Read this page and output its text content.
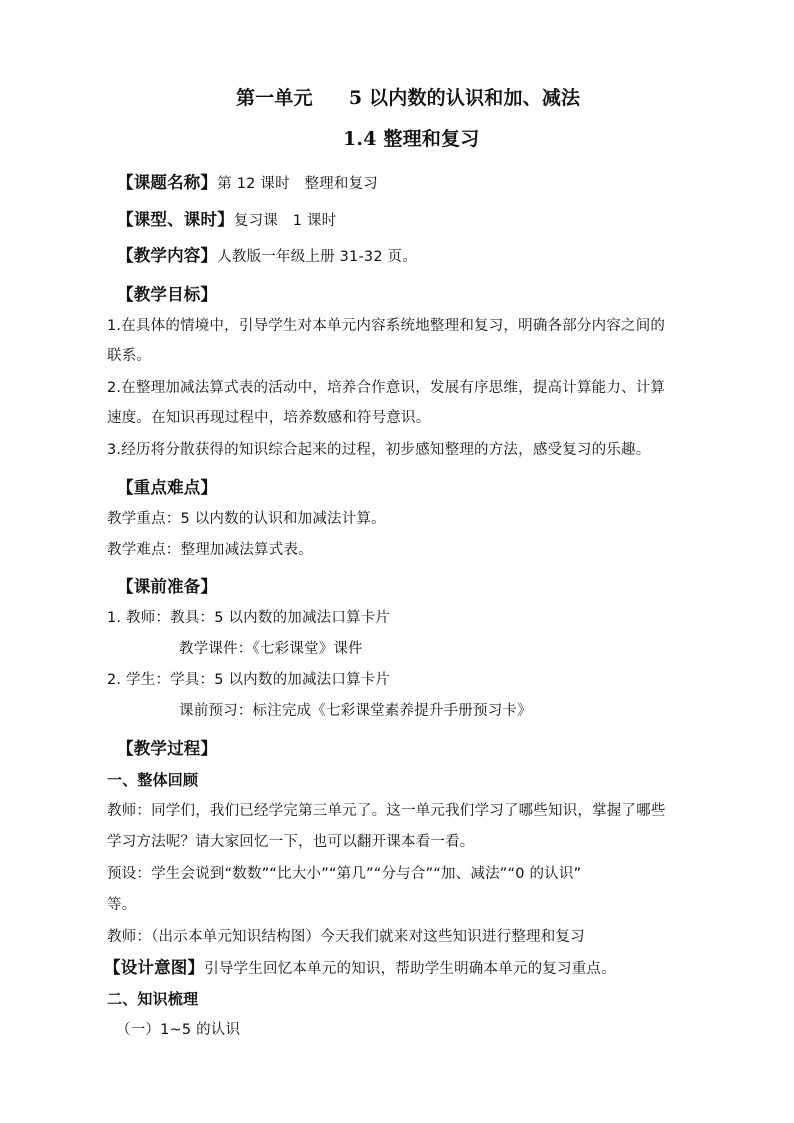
第一单元 5 以内数的认识和加、减法
1.4 整理和复习
【课题名称】第 12 课时　整理和复习
【课型、课时】复习课　1 课时
【教学内容】人教版一年级上册 31-32 页。
【教学目标】
1.在具体的情境中，引导学生对本单元内容系统地整理和复习，明确各部分内容之间的
联系。
2.在整理加减法算式表的活动中，培养合作意识，发展有序思维，提高计算能力、计算
速度。在知识再现过程中，培养数感和符号意识。
3.经历将分散获得的知识综合起来的过程，初步感知整理的方法，感受复习的乐趣。
【重点难点】
教学重点：5 以内数的认识和加减法计算。
教学难点：整理加减法算式表。
【课前准备】
1. 教师：教具：5 以内数的加减法口算卡片
教学课件：《七彩课堂》课件
2. 学生：学具：5 以内数的加减法口算卡片
课前预习：标注完成《七彩课堂素养提升手册预习卡》
【教学过程】
一、整体回顾
教师：同学们，我们已经学完第三单元了。这一单元我们学习了哪些知识，掌握了哪些
学习方法呢？请大家回忆一下，也可以翻开课本看一看。
预设：学生会说到“数数”“比大小”“第几”“分与合”“加、减法”“0 的认识”
等。
教师：（出示本单元知识结构图）今天我们就来对这些知识进行整理和复习
【设计意图】引导学生回忆本单元的知识，帮助学生明确本单元的复习重点。
二、知识梳理
（一）1~5 的认识
